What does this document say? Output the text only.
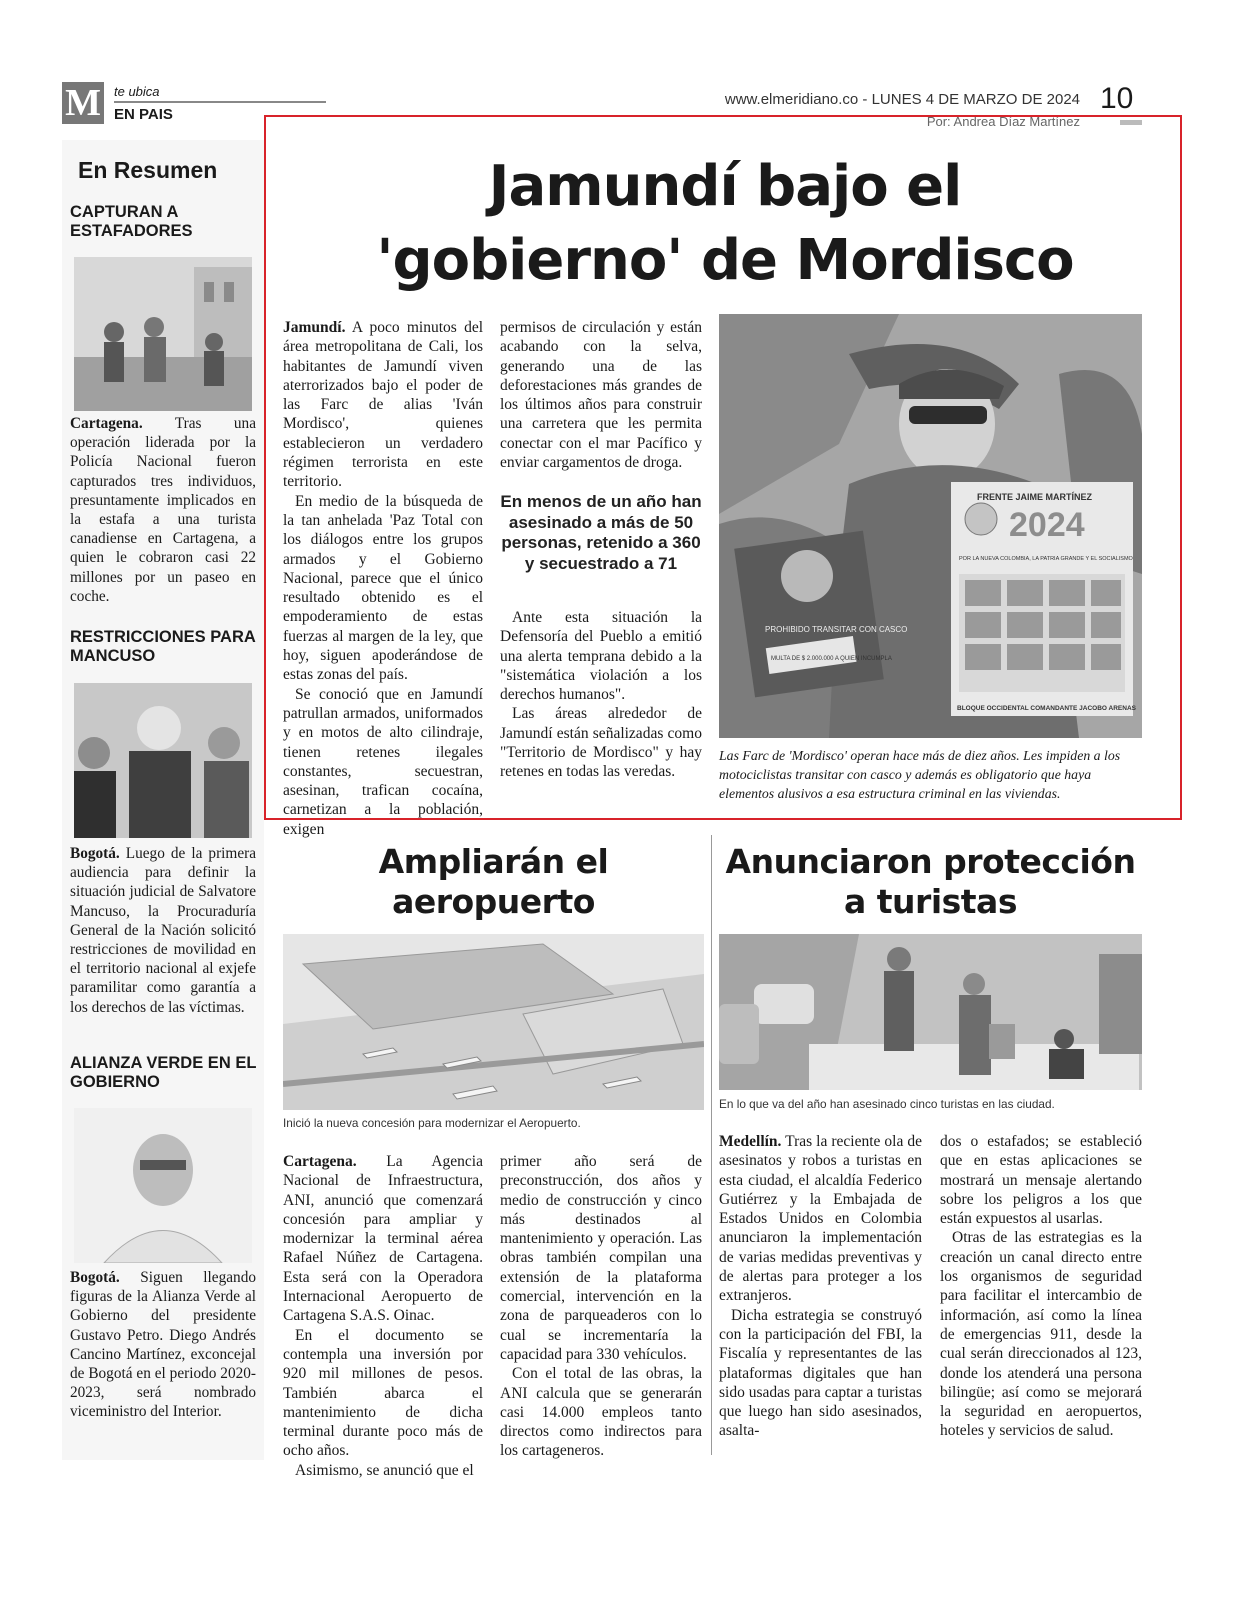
M te ubica
EN PAIS
www.elmeridiano.co - LUNES 4 DE MARZO DE 2024 10
Por: Andrea Díaz Martínez
En Resumen
CAPTURAN A ESTAFADORES
Cartagena. Tras una operación liderada por la Policía Nacional fueron capturados tres individuos, presuntamente implicados en la estafa a una turista canadiense en Cartagena, a quien le cobraron casi 22 millones por un paseo en coche.
RESTRICCIONES PARA MANCUSO
Bogotá. Luego de la primera audiencia para definir la situación judicial de Salvatore Mancuso, la Procuraduría General de la Nación solicitó restricciones de movilidad en el territorio nacional al exjefe paramilitar como garantía a los derechos de las víctimas.
ALIANZA VERDE EN EL GOBIERNO
Bogotá. Siguen llegando figuras de la Alianza Verde al Gobierno del presidente Gustavo Petro. Diego Andrés Cancino Martínez, exconcejal de Bogotá en el periodo 2020-2023, será nombrado viceministro del Interior.
Jamundí bajo el
'gobierno' de Mordisco

Jamundí. A poco minutos del área metropolitana de Cali, los habitantes de Jamundí viven aterrorizados bajo el poder de las Farc de alias 'Iván Mordisco', quienes establecieron un verdadero régimen terrorista en este territorio.

En medio de la búsqueda de la tan anhelada 'Paz Total con los diálogos entre los grupos armados y el Gobierno Nacional, parece que el único resultado obtenido es el empoderamiento de estas fuerzas al margen de la ley, que hoy, siguen apoderándose de estas zonas del país.

Se conoció que en Jamundí patrullan armados, uniformados y en motos de alto cilindraje, tienen retenes ilegales constantes, secuestran, asesinan, trafican cocaína, carnetizan a la población, exigen

permisos de circulación y están acabando con la selva, generando una de las deforestaciones más grandes de los últimos años para construir una carretera que les permita conectar con el mar Pacífico y enviar cargamentos de droga.

En menos de un año han asesinado a más de 50 personas, retenido a 360 y secuestrado a 71

Ante esta situación la Defensoría del Pueblo a emitió una alerta temprana debido a la "sistemática violación a los derechos humanos".

Las áreas alrededor de Jamundí están señalizadas como "Territorio de Mordisco" y hay retenes en todas las veredas.

PROHIBIDO TRANSITAR CON CASCO
MULTA DE $ 2.000.000 A QUIEN INCUMPLA
FRENTE JAIME MARTÍNEZ
2024
POR LA NUEVA COLOMBIA, LA PATRIA GRANDE Y EL SOCIALISMO
BLOQUE OCCIDENTAL COMANDANTE JACOBO ARENAS
Las Farc de 'Mordisco' operan hace más de diez años. Les impiden a los motociclistas transitar con casco y además es obligatorio que haya elementos alusivos a esa estructura criminal en las viviendas.
Ampliarán el
aeropuerto
Inició la nueva concesión para modernizar el Aeropuerto.

Cartagena. La Agencia Nacional de Infraestructura, ANI, anunció que comenzará concesión para ampliar y modernizar la terminal aérea Rafael Núñez de Cartagena. Esta será con la Operadora Internacional Aeropuerto de Cartagena S.A.S. Oinac.

En el documento se contempla una inversión por 920 mil millones de pesos. También abarca el mantenimiento de dicha terminal durante poco más de ocho años.

Asimismo, se anunció que el

primer año será de preconstrucción, dos años y medio de construcción y cinco más destinados al mantenimiento y operación. Las obras también compilan una extensión de la plataforma comercial, intervención en la zona de parqueaderos con lo cual se incrementaría la capacidad para 330 vehículos.

Con el total de las obras, la ANI calcula que se generarán casi 14.000 empleos tanto directos como indirectos para los cartageneros.

Anunciaron protección
a turistas
En lo que va del año han asesinado cinco turistas en las ciudad.

Medellín. Tras la reciente ola de asesinatos y robos a turistas en esta ciudad, el alcaldía Federico Gutiérrez y la Embajada de Estados Unidos en Colombia anunciaron la implementación de varias medidas preventivas y de alertas para proteger a los extranjeros.

Dicha estrategia se construyó con la participación del FBI, la Fiscalía y representantes de las plataformas digitales que han sido usadas para captar a turistas que luego han sido asesinados, asalta-

dos o estafados; se estableció que en estas aplicaciones se mostrará un mensaje alertando sobre los peligros a los que están expuestos al usarlas.

Otras de las estrategias es la creación un canal directo entre los organismos de seguridad para facilitar el intercambio de información, así como la línea de emergencias 911, desde la cual serán direccionados al 123, donde los atenderá una persona bilingüe; así como se mejorará la seguridad en aeropuertos, hoteles y servicios de salud.
